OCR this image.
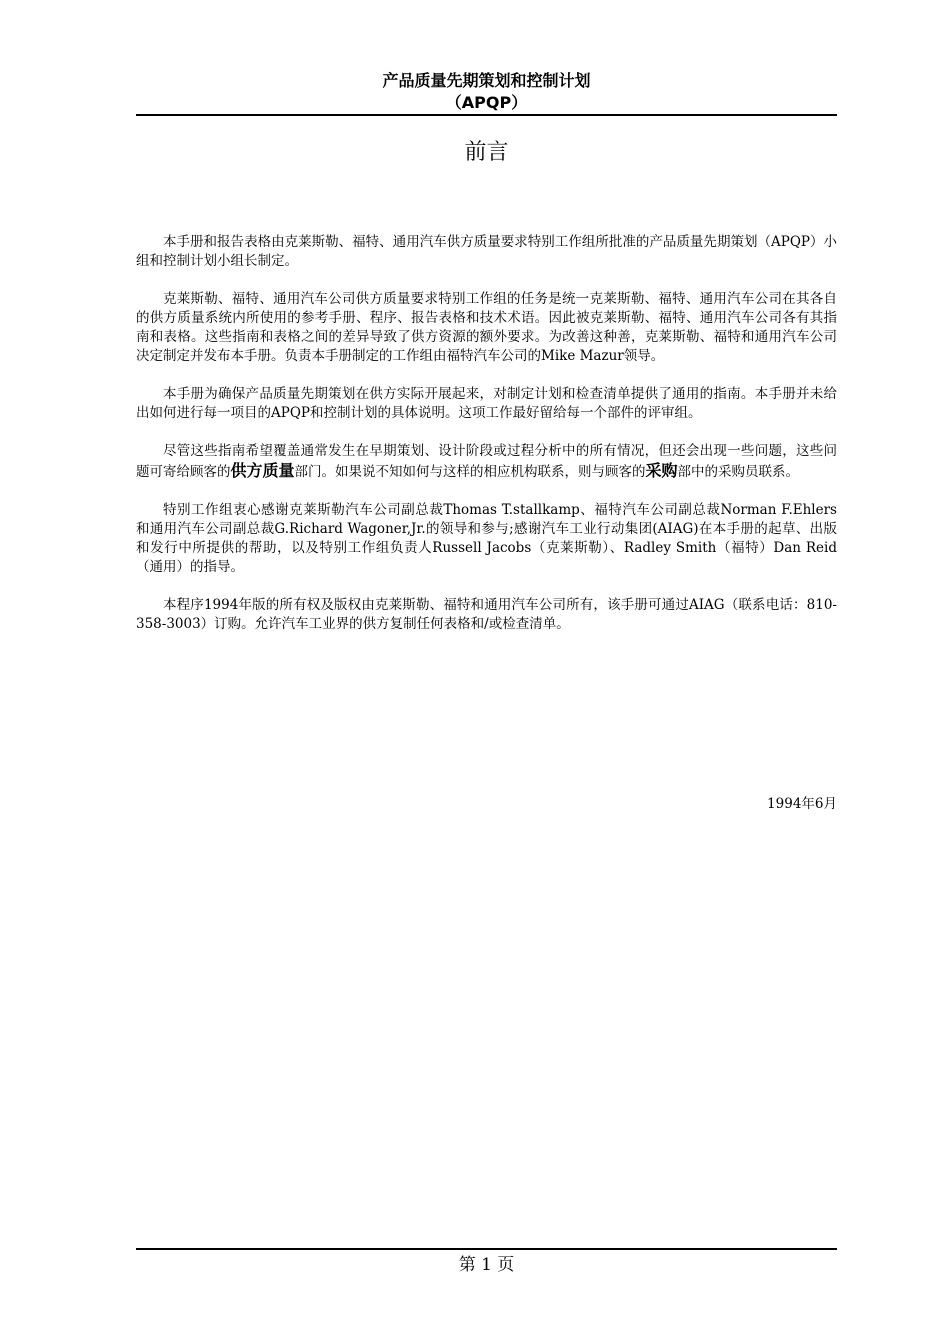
产品质量先期策划和控制计划
（APQP）
前言

本手册和报告表格由克莱斯勒、福特、通用汽车供方质量要求特别工作组所批准的产品质量先期策划（APQP）小组和控制计划小组长制定。

克莱斯勒、福特、通用汽车公司供方质量要求特别工作组的任务是统一克莱斯勒、福特、通用汽车公司在其各自的供方质量系统内所使用的参考手册、程序、报告表格和技术术语。因此被克莱斯勒、福特、通用汽车公司各有其指南和表格。这些指南和表格之间的差异导致了供方资源的额外要求。为改善这种善，克莱斯勒、福特和通用汽车公司决定制定并发布本手册。负责本手册制定的工作组由福特汽车公司的Mike Mazur领导。

本手册为确保产品质量先期策划在供方实际开展起来，对制定计划和检查清单提供了通用的指南。本手册并未给出如何进行每一项目的APQP和控制计划的具体说明。这项工作最好留给每一个部件的评审组。

尽管这些指南希望覆盖通常发生在早期策划、设计阶段或过程分析中的所有情况，但还会出现一些问题，这些问题可寄给顾客的供方质量部门。如果说不知如何与这样的相应机构联系，则与顾客的采购部中的采购员联系。

特别工作组衷心感谢克莱斯勒汽车公司副总裁Thomas T.stallkamp、福特汽车公司副总裁Norman F.Ehlers 和通用汽车公司副总裁G.Richard Wagoner,Jr.的领导和参与;感谢汽车工业行动集团(AIAG)在本手册的起草、出版和发行中所提供的帮助，以及特别工作组负责人Russell Jacobs（克莱斯勒）、Radley Smith（福特）Dan Reid（通用）的指导。

本程序1994年版的所有权及版权由克莱斯勒、福特和通用汽车公司所有，该手册可通过AIAG（联系电话：810-358-3003）订购。允许汽车工业界的供方复制任何表格和/或检查清单。

1994年6月
第 1 页
